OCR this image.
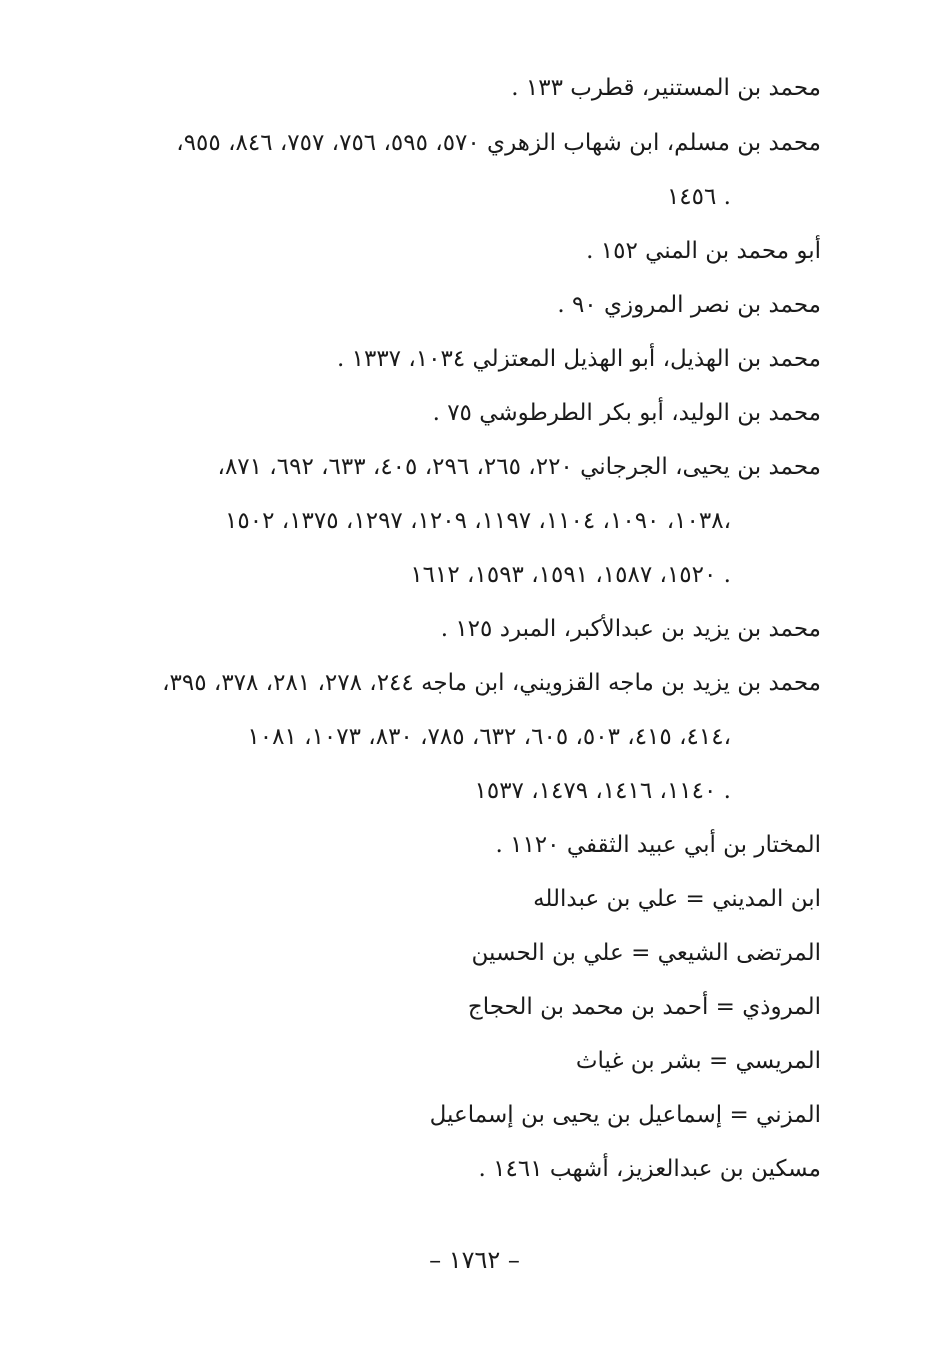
محمد بن المستنير، قطرب ١٣٣ .
محمد بن مسلم، ابن شهاب الزهري ٥٧٠، ٥٩٥، ٧٥٦، ٧٥٧، ٨٤٦، ٩٥٥،
١٤٥٦ .
أبو محمد بن المني ١٥٢ .
محمد بن نصر المروزي ٩٠ .
محمد بن الهذيل، أبو الهذيل المعتزلي ١٠٣٤، ١٣٣٧ .
محمد بن الوليد، أبو بكر الطرطوشي ٧٥ .
محمد بن يحيى، الجرجاني ٢٢٠، ٢٦٥، ٢٩٦، ٤٠٥، ٦٣٣، ٦٩٢، ٨٧١،
١٠٣٨، ١٠٩٠، ١١٠٤، ١١٩٧، ١٢٠٩، ١٢٩٧، ١٣٧٥، ١٥٠٢،
١٥٢٠، ١٥٨٧، ١٥٩١، ١٥٩٣، ١٦١٢ .
محمد بن يزيد بن عبدالأكبر، المبرد ١٢٥ .
محمد بن يزيد بن ماجه القزويني، ابن ماجه ٢٤٤، ٢٧٨، ٢٨١، ٣٧٨، ٣٩٥،
٤١٤، ٤١٥، ٥٠٣، ٦٠٥، ٦٣٢، ٧٨٥، ٨٣٠، ١٠٧٣، ١٠٨١،
١١٤٠، ١٤١٦، ١٤٧٩، ١٥٣٧ .
المختار بن أبي عبيد الثقفي ١١٢٠ .
ابن المديني = علي بن عبدالله
المرتضى الشيعي = علي بن الحسين
المروذي = أحمد بن محمد بن الحجاج
المريسي = بشر بن غياث
المزني = إسماعيل بن يحيى بن إسماعيل
مسكين بن عبدالعزيز، أشهب ١٤٦١ .
– ١٧٦٢ –
